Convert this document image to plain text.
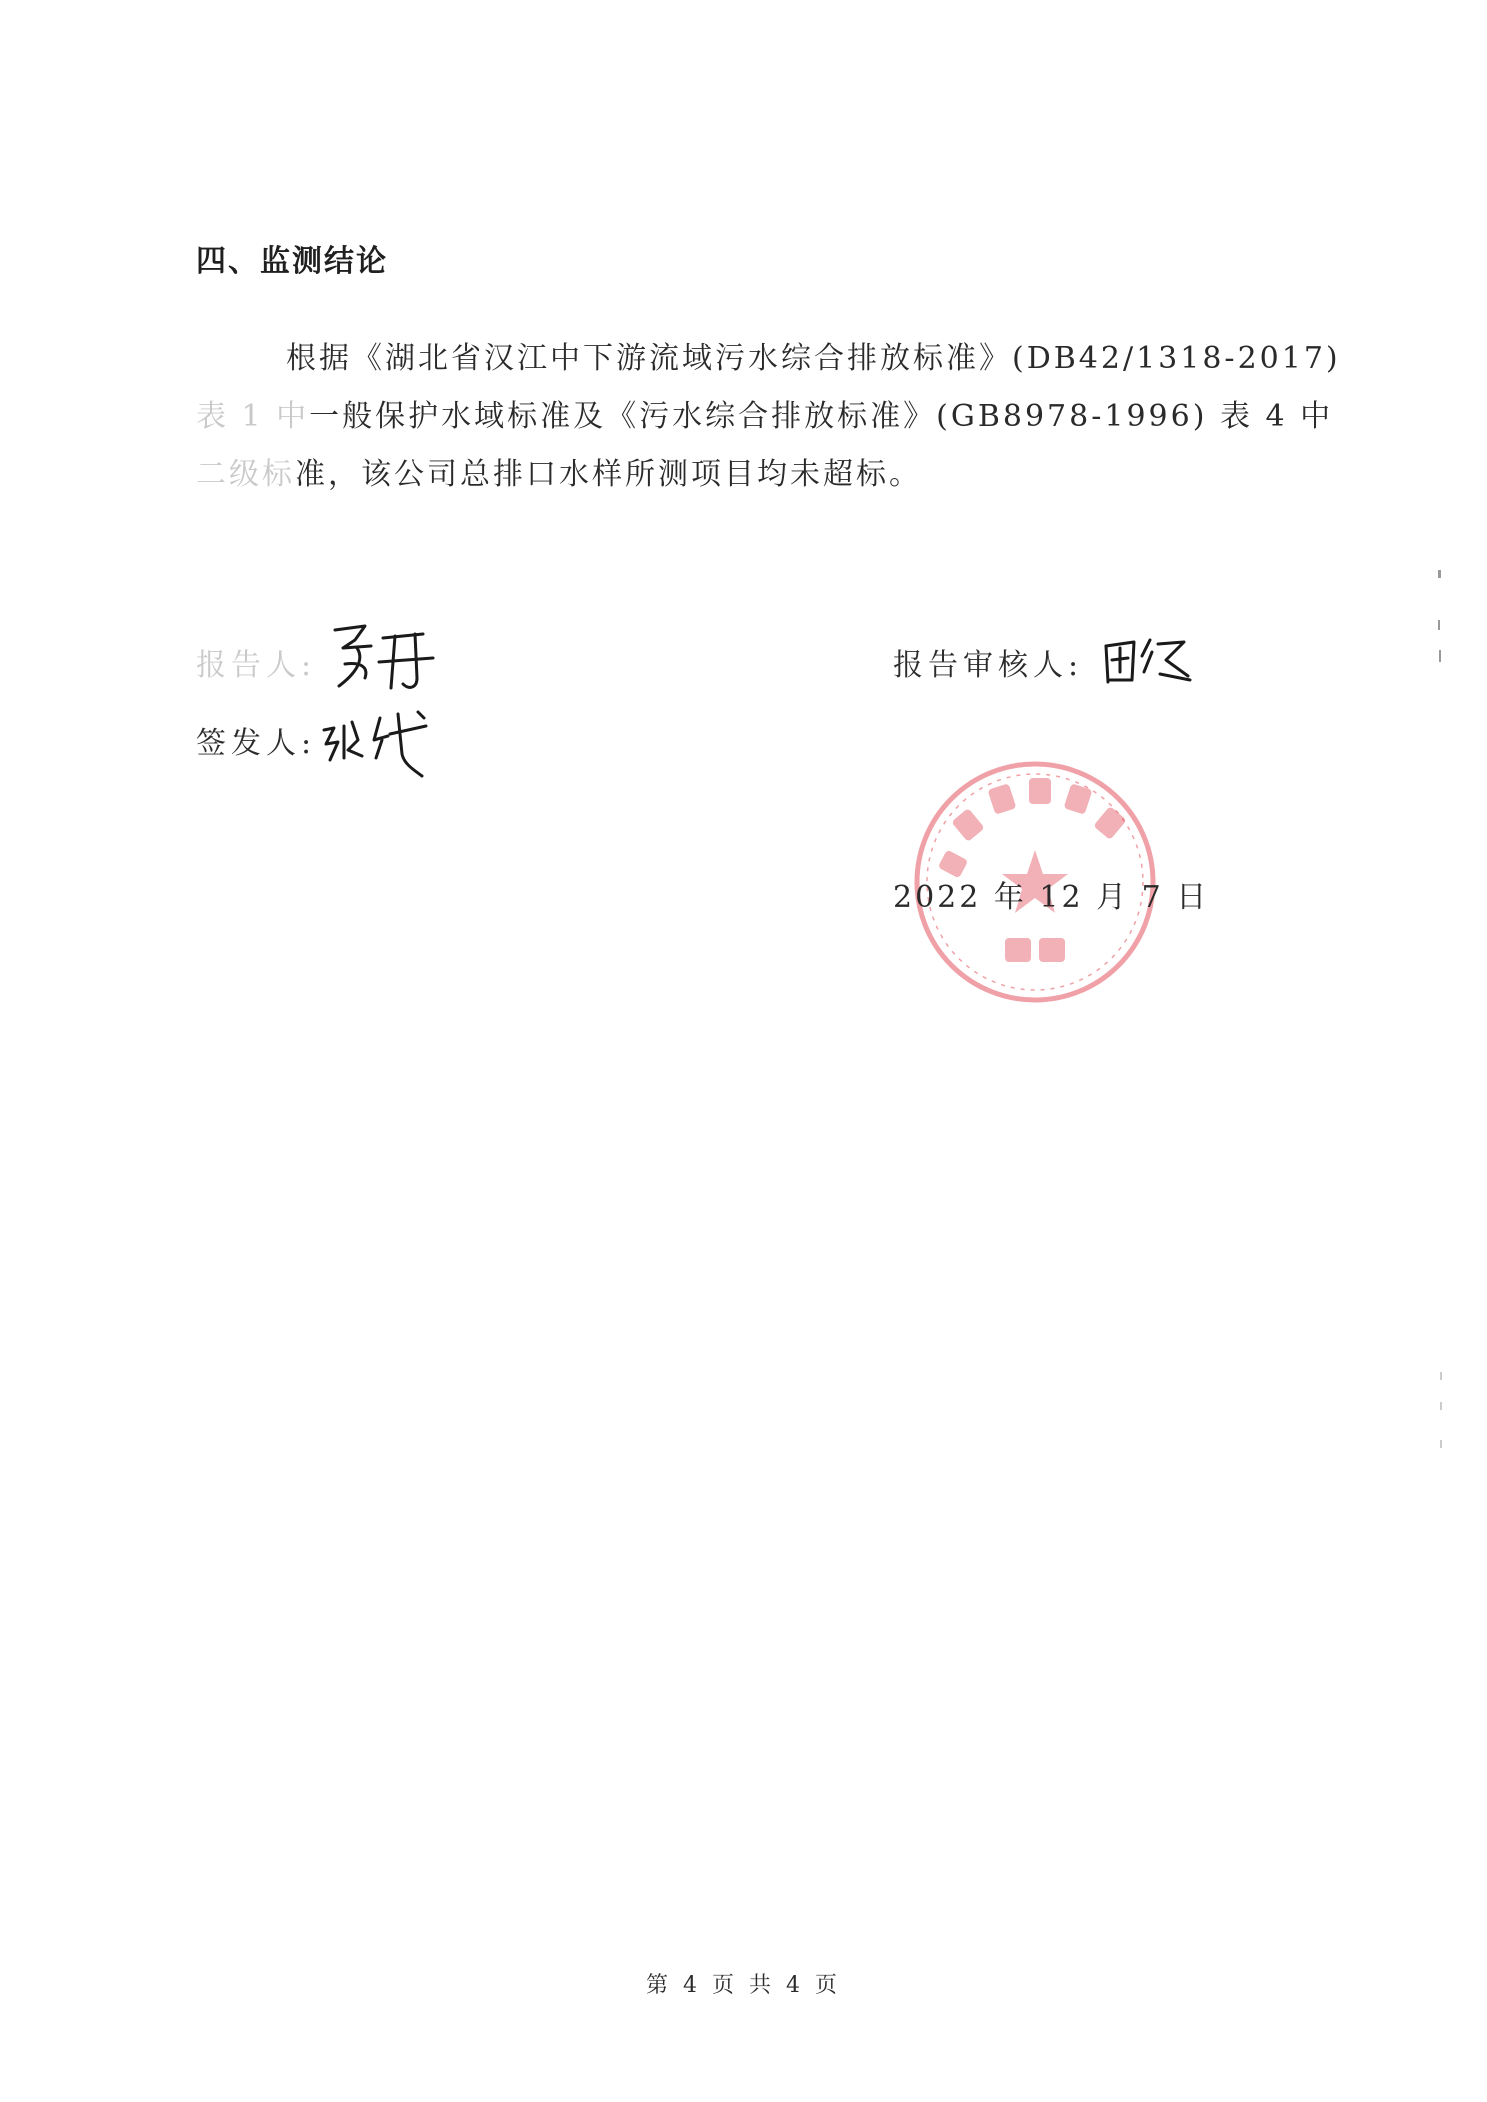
四、监测结论
根据《湖北省汉江中下游流域污水综合排放标准》(DB42/1318-2017)
表 1 中一般保护水域标准及《污水综合排放标准》(GB8978-1996) 表 4 中
二级标准，该公司总排口水样所测项目均未超标。
报告人:
签发人:
报告审核人:
2022 年 12 月 7 日
第 4 页 共 4 页
